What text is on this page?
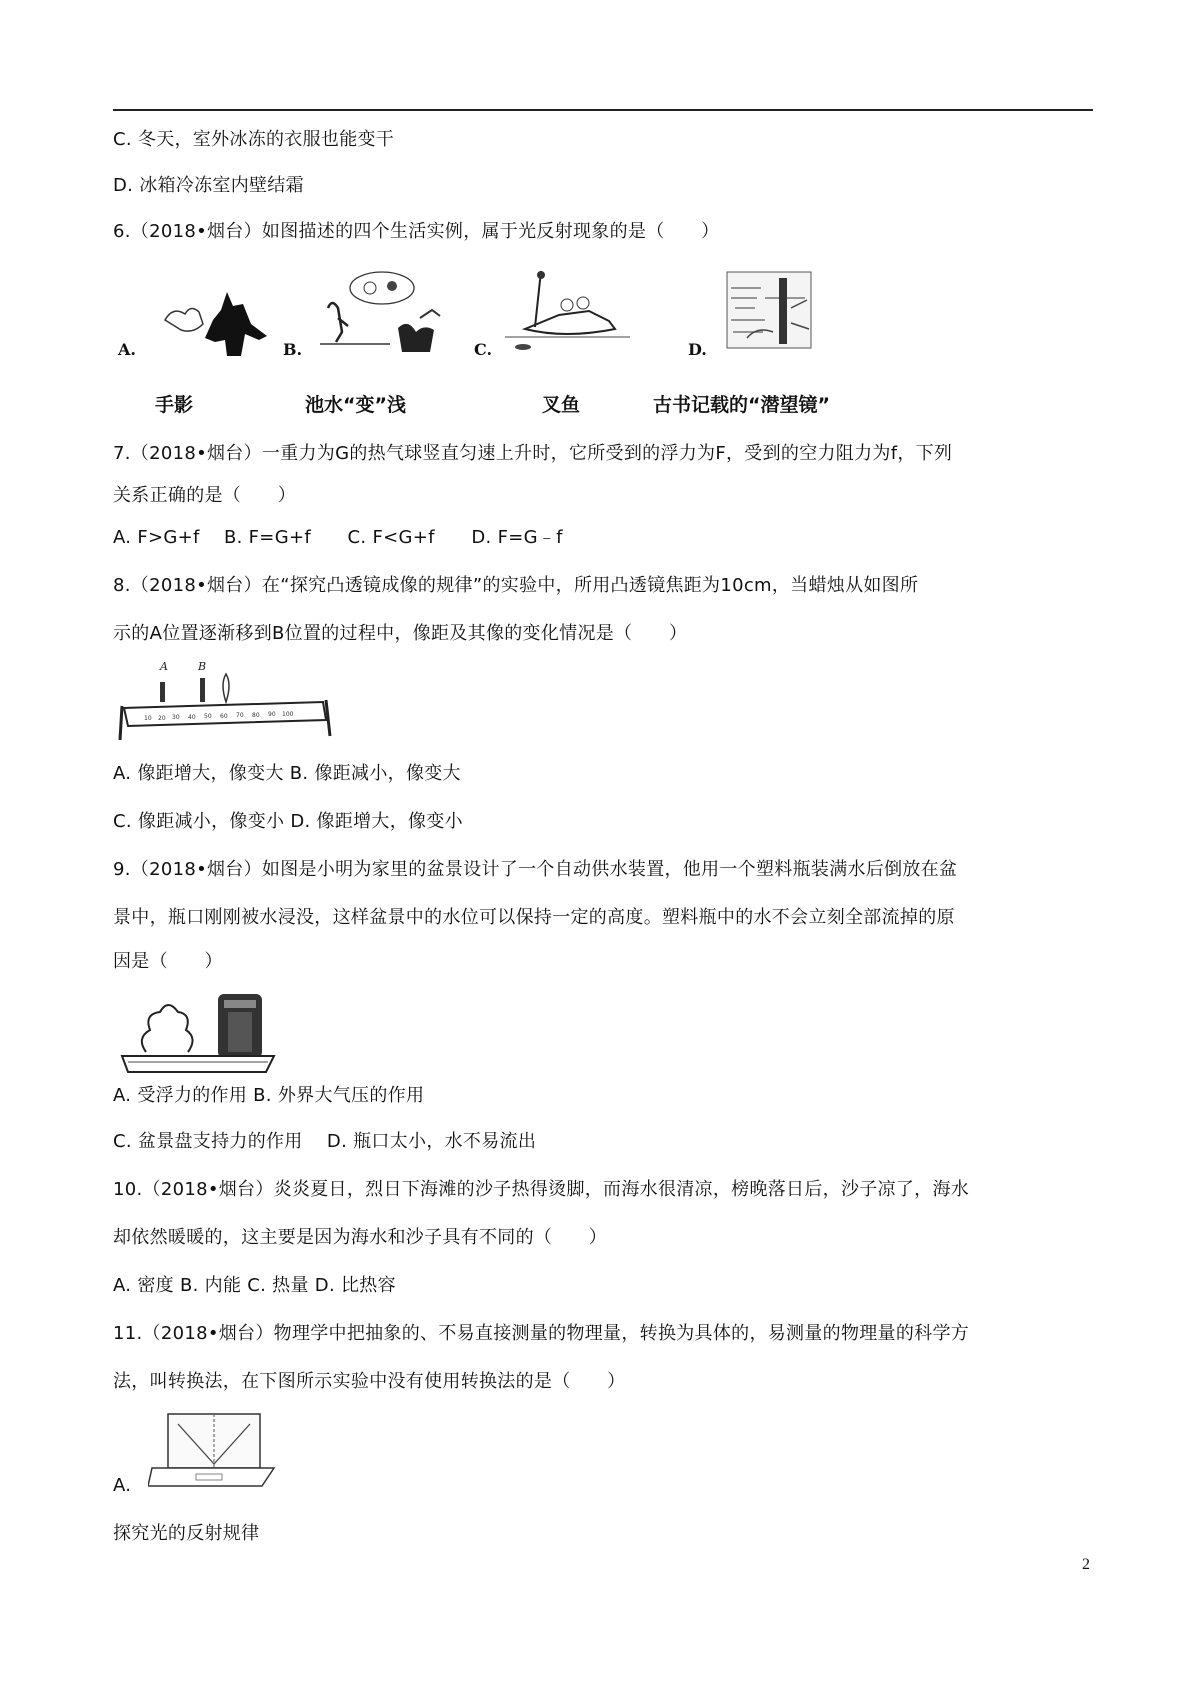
C. 冬天，室外冰冻的衣服也能变干
D. 冰箱冷冻室内壁结霜
6.（2018•烟台）如图描述的四个生活实例，属于光反射现象的是（　　）
A.	B.	C.	D.
手影	池水“变”浅	叉鱼	古书记载的“潜望镜”
7.（2018•烟台）一重力为G的热气球竖直匀速上升时，它所受到的浮力为F，受到的空力阻力为f，下列
关系正确的是（　　）
A. F>G+f　 B. F=G+f　　C. F<G+f　　D. F=G﹣f
8.（2018•烟台）在“探究凸透镜成像的规律”的实验中，所用凸透镜焦距为10cm，当蜡烛从如图所
示的A位置逐渐移到B位置的过程中，像距及其像的变化情况是（　　）
A	B
10 20 30 40 50 60 70 80 90 100
A. 像距增大，像变大 B. 像距减小，像变大
C. 像距减小，像变小 D. 像距增大，像变小
9.（2018•烟台）如图是小明为家里的盆景设计了一个自动供水装置，他用一个塑料瓶装满水后倒放在盆
景中，瓶口刚刚被水浸没，这样盆景中的水位可以保持一定的高度。塑料瓶中的水不会立刻全部流掉的原
因是（　　）
A. 受浮力的作用 B. 外界大气压的作用
C. 盆景盘支持力的作用　 D. 瓶口太小，水不易流出
10.（2018•烟台）炎炎夏日，烈日下海滩的沙子热得烫脚，而海水很清凉，榜晚落日后，沙子凉了，海水
却依然暖暖的，这主要是因为海水和沙子具有不同的（　　）
A. 密度 B. 内能 C. 热量 D. 比热容
11.（2018•烟台）物理学中把抽象的、不易直接测量的物理量，转换为具体的，易测量的物理量的科学方
法，叫转换法，在下图所示实验中没有使用转换法的是（　　）
A.
探究光的反射规律
2
